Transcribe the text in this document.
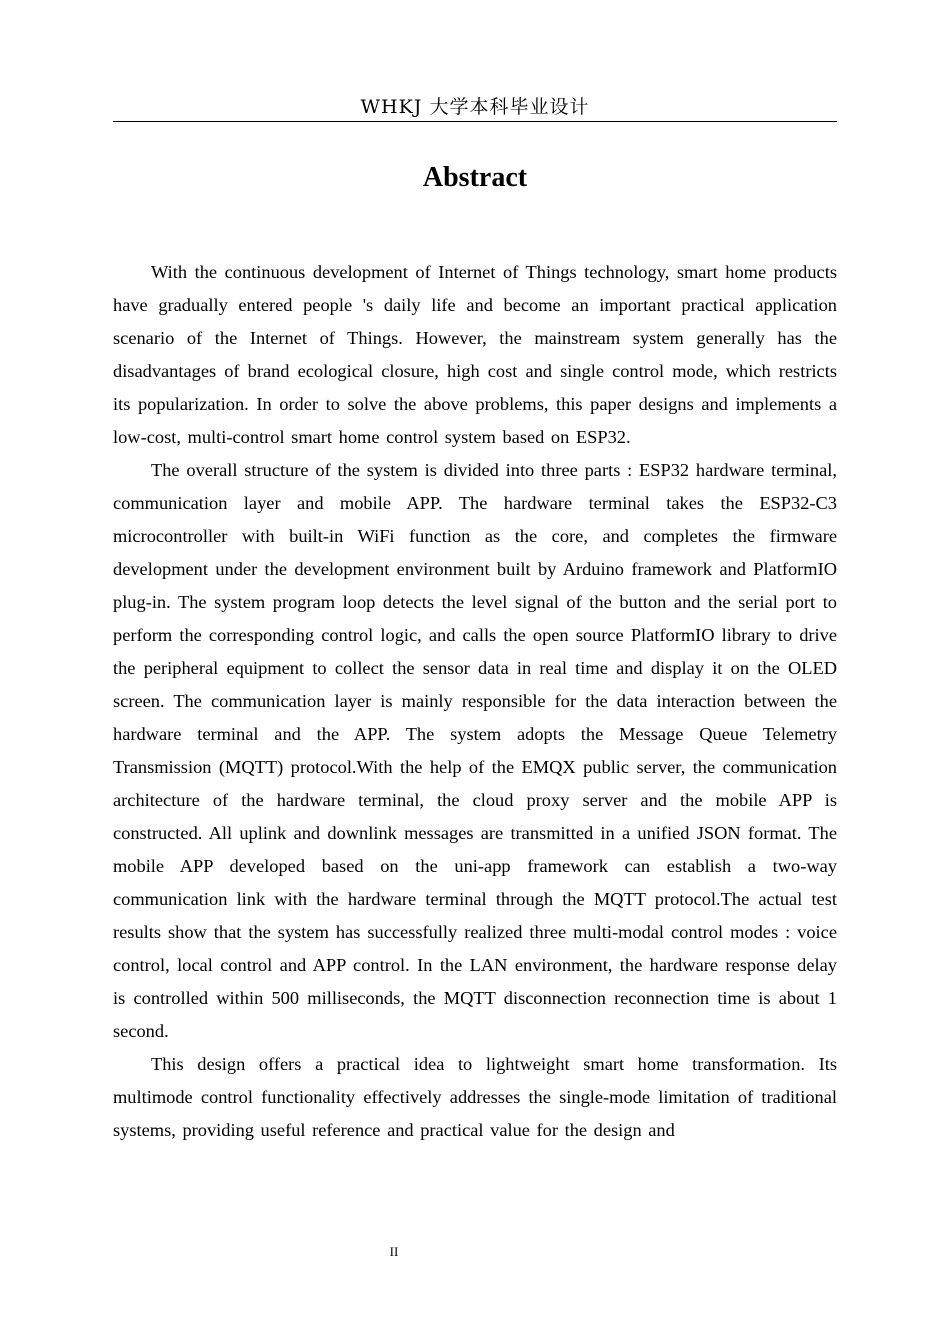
WHKJ 大学本科毕业设计
Abstract

With the continuous development of Internet of Things technology, smart home products have gradually entered people 's daily life and become an important practical application scenario of the Internet of Things. However, the mainstream system generally has the disadvantages of brand ecological closure, high cost and single control mode, which restricts its popularization. In order to solve the above problems, this paper designs and implements a low-cost, multi-control smart home control system based on ESP32.

The overall structure of the system is divided into three parts : ESP32 hardware terminal, communication layer and mobile APP. The hardware terminal takes the ESP32-C3 microcontroller with built-in WiFi function as the core, and completes the firmware development under the development environment built by Arduino framework and PlatformIO plug-in. The system program loop detects the level signal of the button and the serial port to perform the corresponding control logic, and calls the open source PlatformIO library to drive the peripheral equipment to collect the sensor data in real time and display it on the OLED screen. The communication layer is mainly responsible for the data interaction between the hardware terminal and the APP. The system adopts the Message Queue Telemetry Transmission (MQTT) protocol.With the help of the EMQX public server, the communication architecture of the hardware terminal, the cloud proxy server and the mobile APP is constructed. All uplink and downlink messages are transmitted in a unified JSON format. The mobile APP developed based on the uni-app framework can establish a two-way communication link with the hardware terminal through the MQTT protocol.The actual test results show that the system has successfully realized three multi-modal control modes : voice control, local control and APP control. In the LAN environment, the hardware response delay is controlled within 500 milliseconds, the MQTT disconnection reconnection time is about 1 second.

This design offers a practical idea to lightweight smart home transformation. Its multimode control functionality effectively addresses the single-mode limitation of traditional systems, providing useful reference and practical value for the design and

II
